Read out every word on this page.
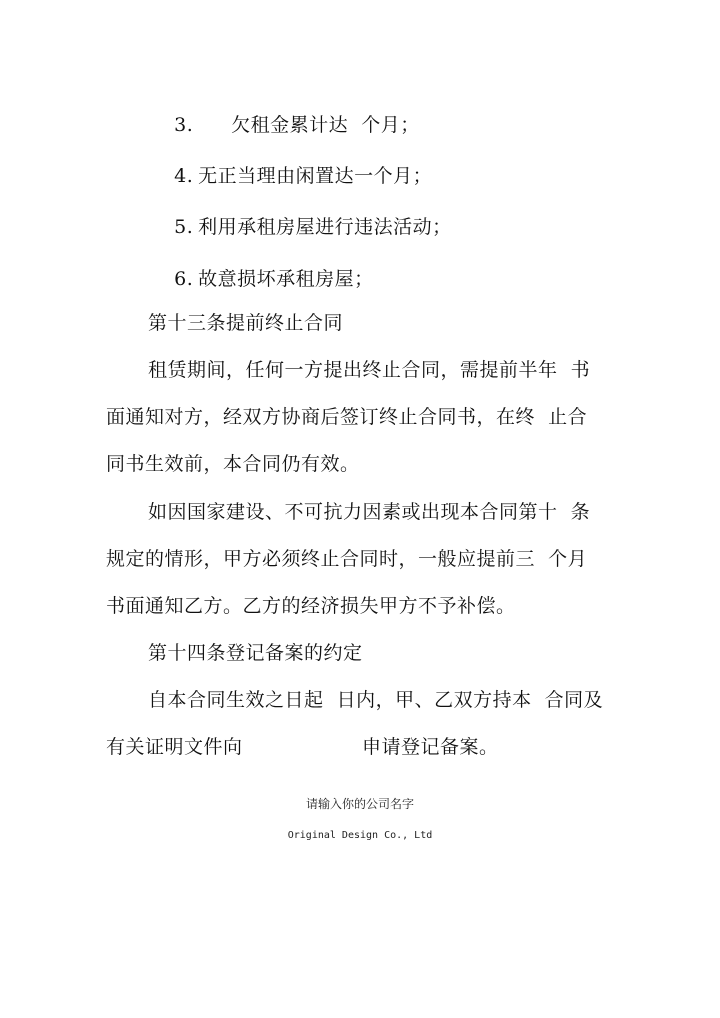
3. 欠租金累计达  个月；

4. 无正当理由闲置达一个月；

5. 利用承租房屋进行违法活动；

6. 故意损坏承租房屋；

第十三条提前终止合同
租赁期间，任何一方提出终止合同，需提前半年  书
面通知对方，经双方协商后签订终止合同书，在终  止合
同书生效前，本合同仍有效。
如因国家建设、不可抗力因素或出现本合同第十  条
规定的情形，甲方必须终止合同时，一般应提前三  个月
书面通知乙方。乙方的经济损失甲方不予补偿。
第十四条登记备案的约定
自本合同生效之日起  日内，甲、乙双方持本  合同及
有关证明文件向	申请登记备案。
请输入你的公司名字
Original Design Co., Ltd
